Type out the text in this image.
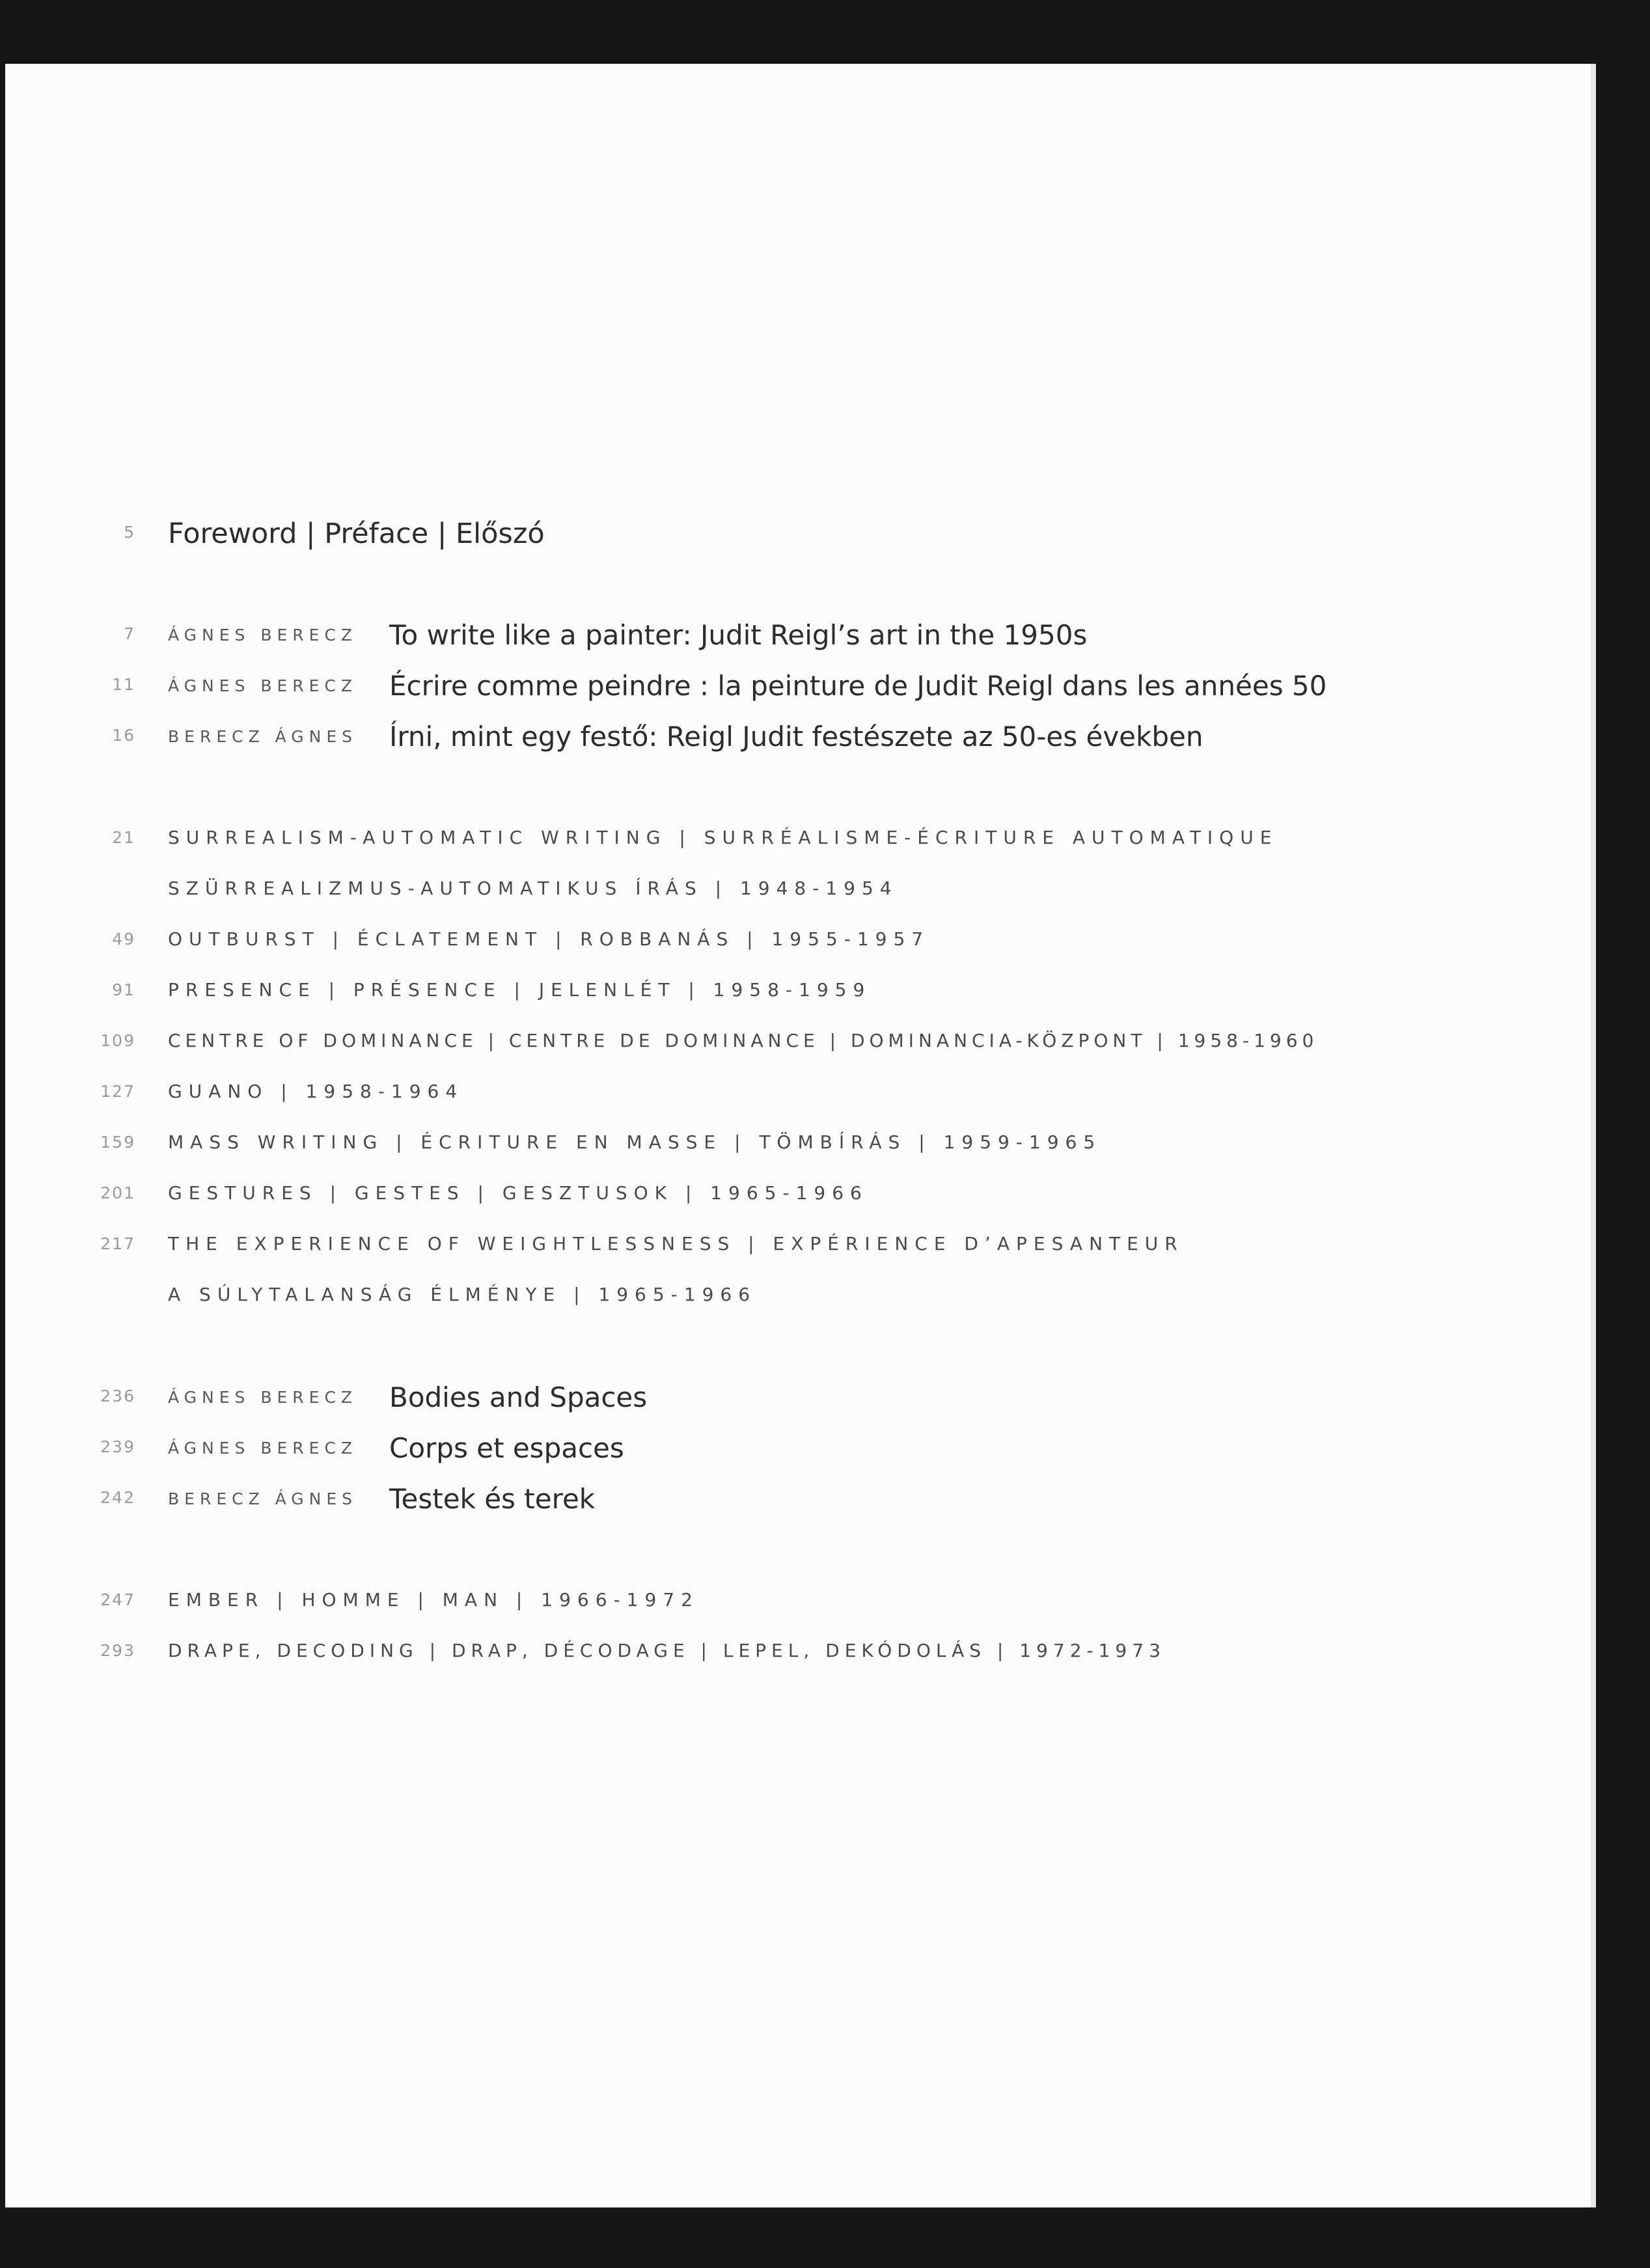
5 Foreword | Préface | Előszó
7 ÁGNES BERECZ To write like a painter: Judit Reigl’s art in the 1950s
11 ÁGNES BERECZ Écrire comme peindre : la peinture de Judit Reigl dans les années 50
16 BERECZ ÁGNES Írni, mint egy festő: Reigl Judit festészete az 50-es években
21 SURREALISM-AUTOMATIC WRITING | SURRÉALISME-ÉCRITURE AUTOMATIQUE
SZÜRREALIZMUS-AUTOMATIKUS ÍRÁS | 1948-1954
49 OUTBURST | ÉCLATEMENT | ROBBANÁS | 1955-1957
91 PRESENCE | PRÉSENCE | JELENLÉT | 1958-1959
109 CENTRE OF DOMINANCE | CENTRE DE DOMINANCE | DOMINANCIA-KÖZPONT | 1958-1960
127 GUANO | 1958-1964
159 MASS WRITING | ÉCRITURE EN MASSE | TÖMBÍRÁS | 1959-1965
201 GESTURES | GESTES | GESZTUSOK | 1965-1966
217 THE EXPERIENCE OF WEIGHTLESSNESS | EXPÉRIENCE D’APESANTEUR
A SÚLYTALANSÁG ÉLMÉNYE | 1965-1966
236 ÁGNES BERECZ Bodies and Spaces
239 ÁGNES BERECZ Corps et espaces
242 BERECZ ÁGNES Testek és terek
247 EMBER | HOMME | MAN | 1966-1972
293 DRAPE, DECODING | DRAP, DÉCODAGE | LEPEL, DEKÓDOLÁS | 1972-1973
